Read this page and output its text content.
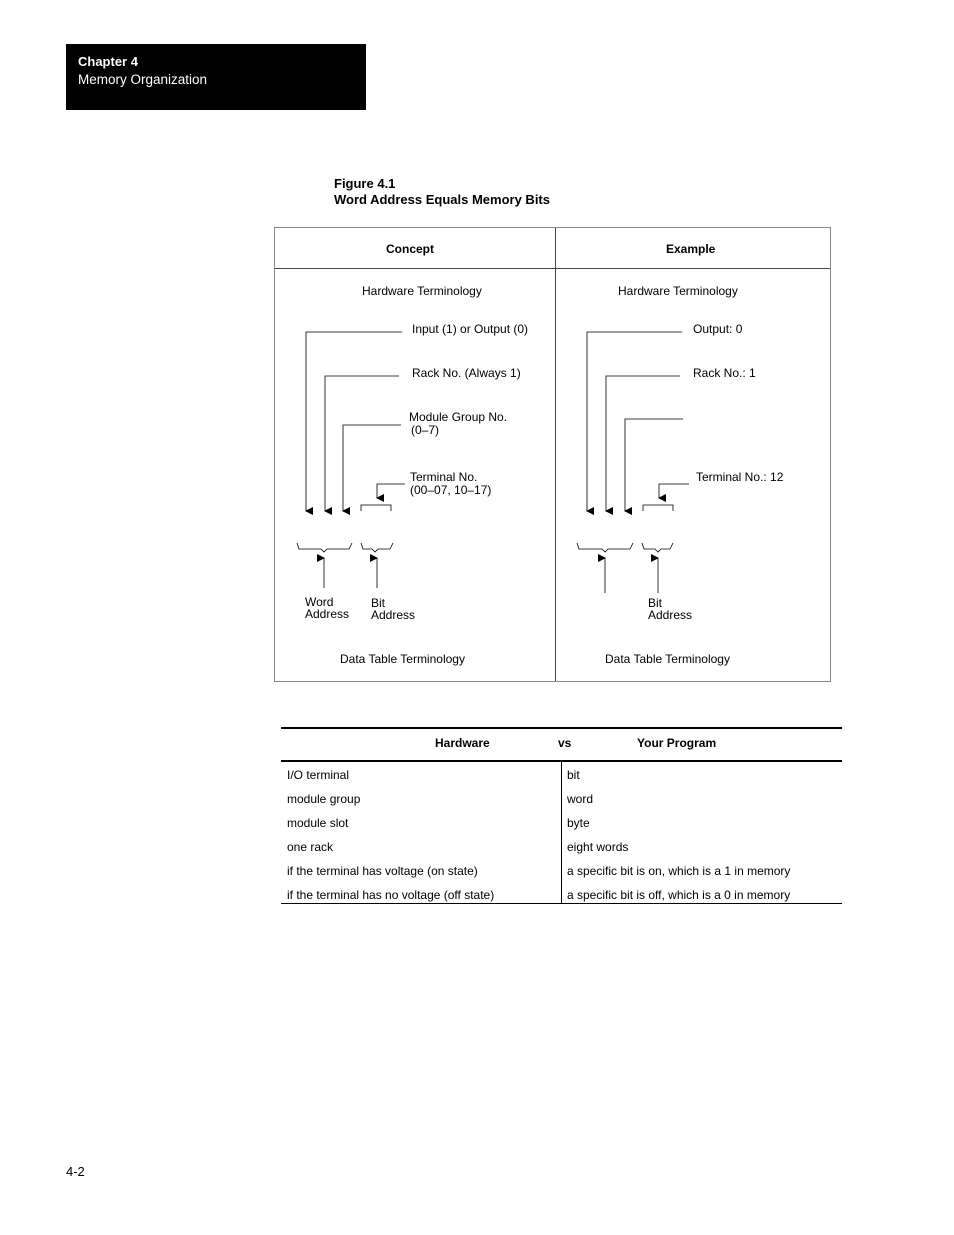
Chapter 4
Memory Organization
Figure 4.1
Word Address Equals Memory Bits
Concept
Hardware Terminology
Input (1) or Output (0)
Rack No. (Always 1)
Module Group No.
(0–7)
Terminal No.
(00–07, 10–17)
Word
Address
Bit
Address
Data Table Terminology
Example
Hardware Terminology
Output: 0
Rack No.: 1
Terminal No.: 12
Bit
Address
Data Table Terminology
Hardware	vs	Your Program
I/O terminal	bit
module group	word
module slot	byte
one rack	eight words
if the terminal has voltage (on state)	a specific bit is on, which is a 1 in memory
if the terminal has no voltage (off state)	a specific bit is off, which is a 0 in memory
4-2
